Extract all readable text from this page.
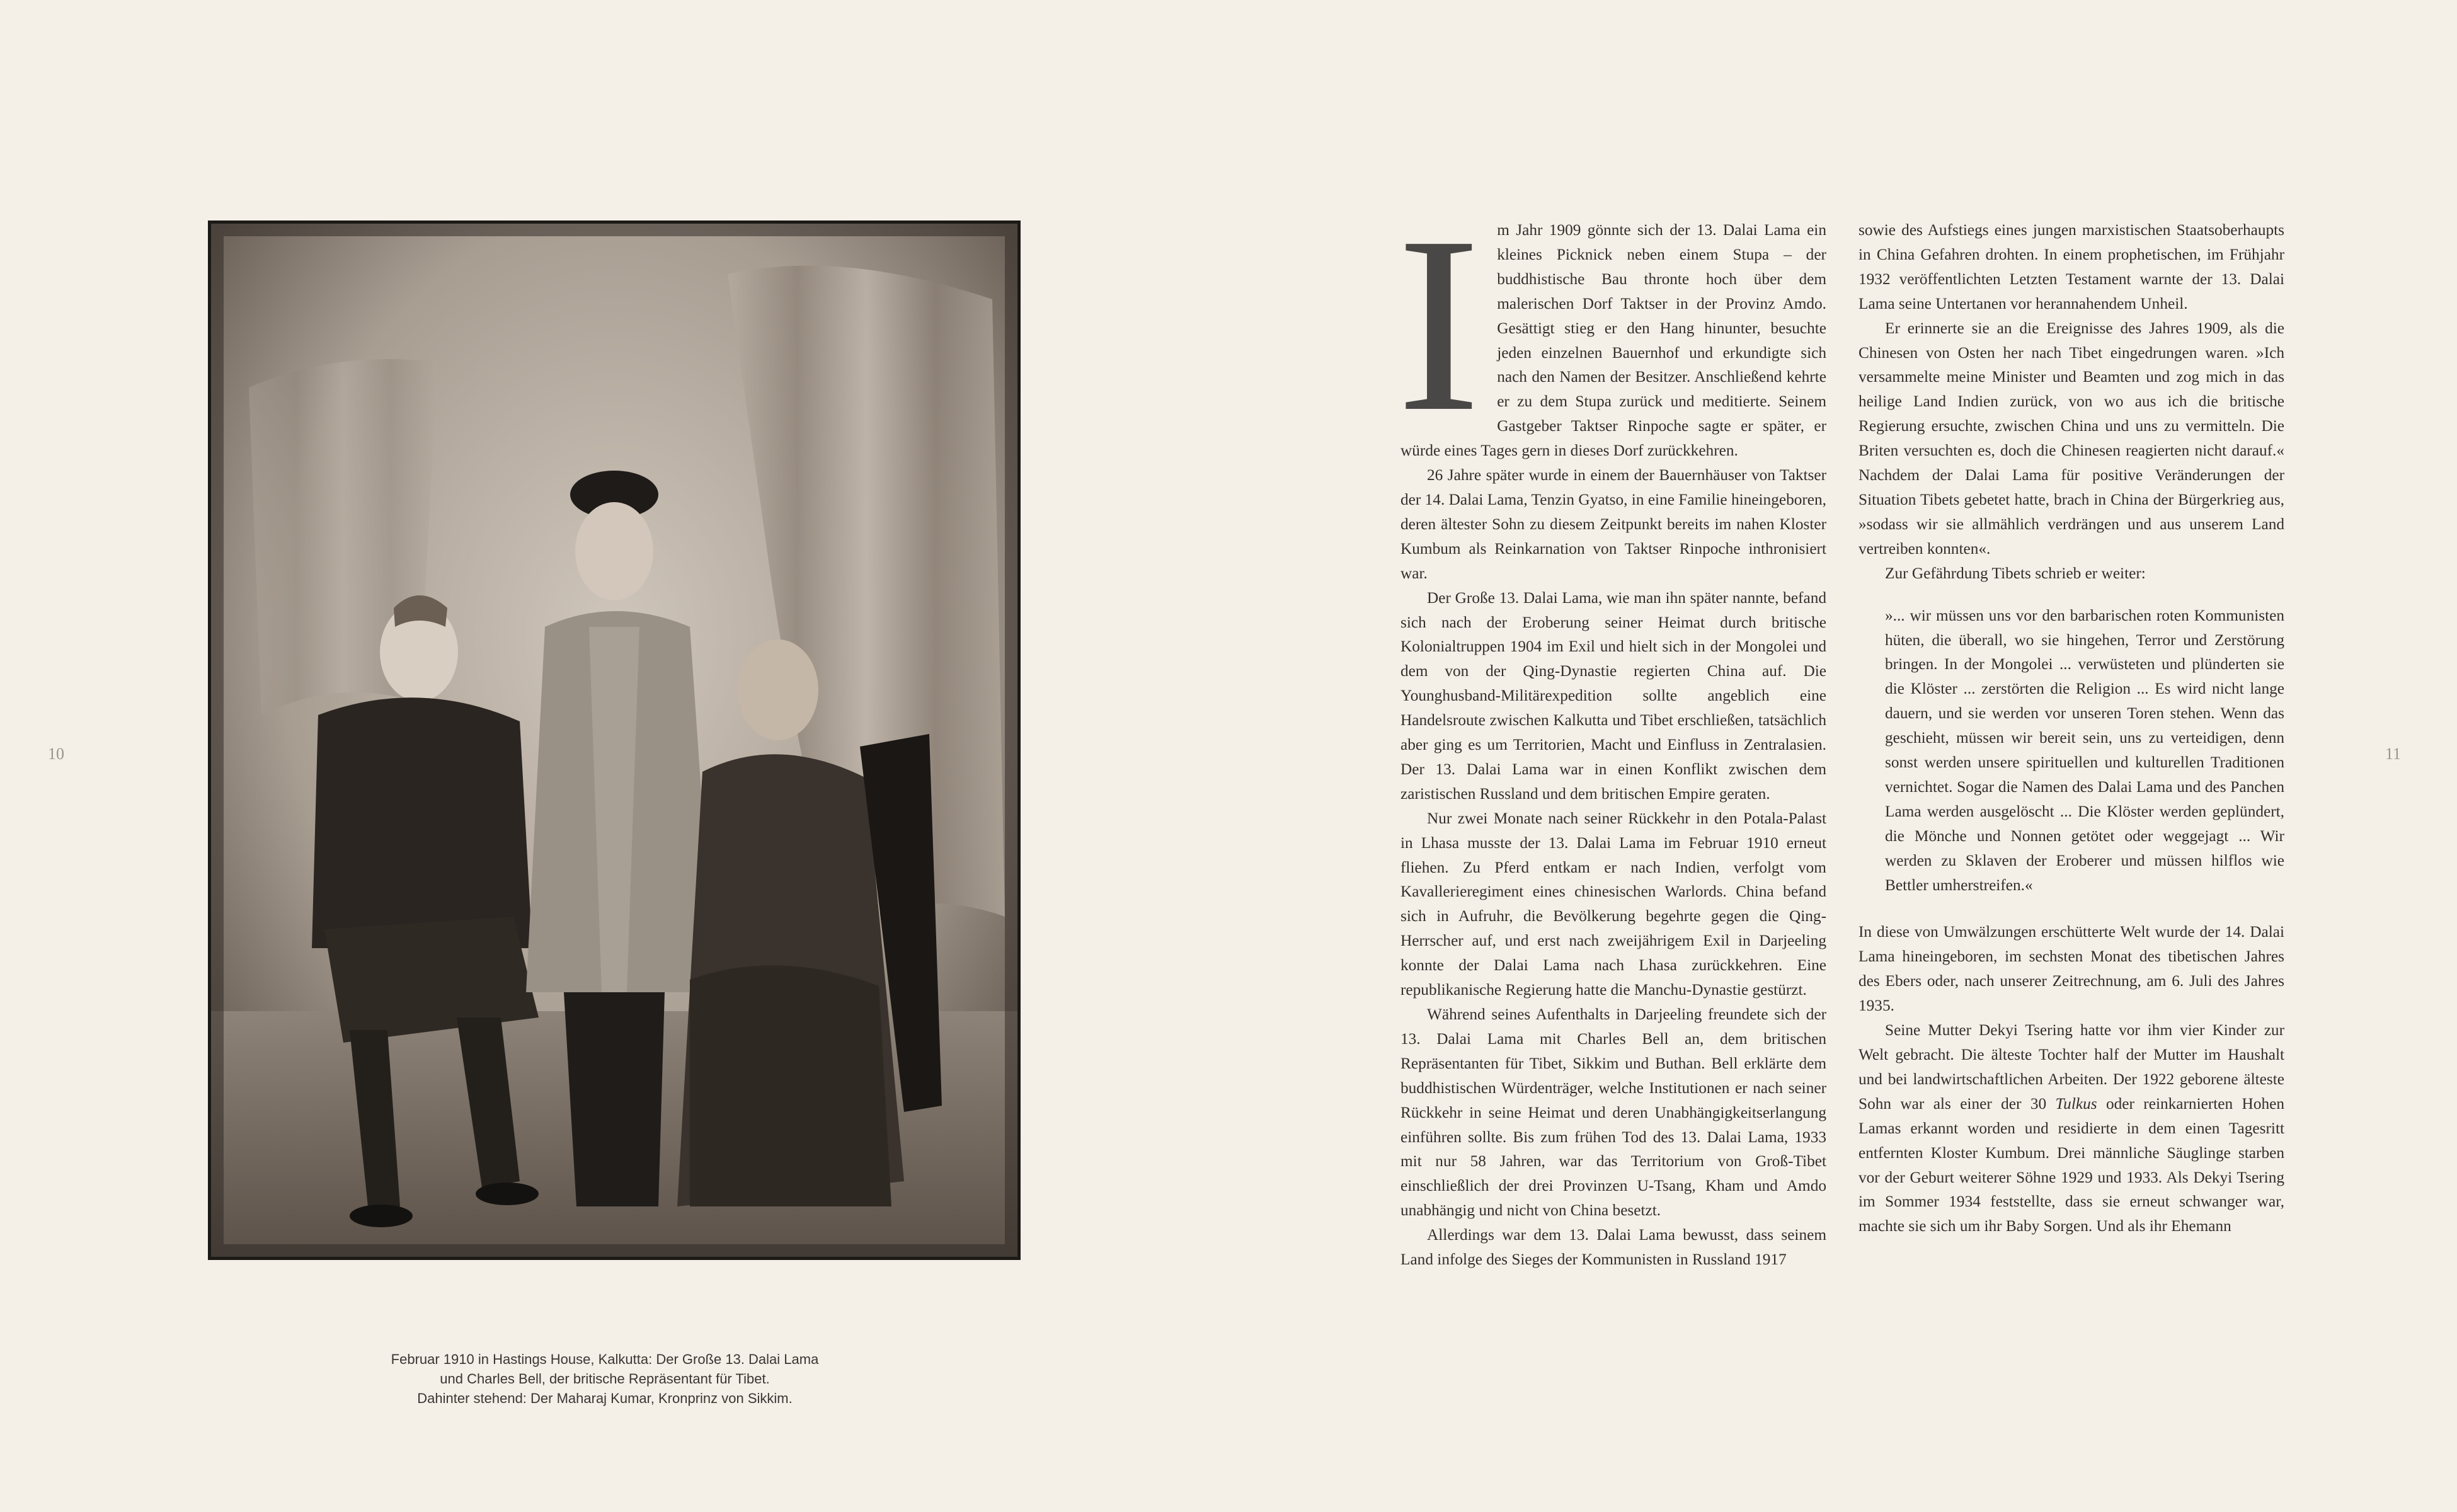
10	11
Februar 1910 in Hastings House, Kalkutta: Der Große 13. Dalai Lama
und Charles Bell, der britische Repräsentant für Tibet.
Dahinter stehend: Der Maharaj Kumar, Kronprinz von Sikkim.

I m Jahr 1909 gönnte sich der 13. Dalai Lama ein kleines Picknick neben einem Stupa – der buddhistische Bau thronte hoch über dem malerischen Dorf Taktser in der Provinz Amdo. Gesättigt stieg er den Hang hinunter, besuchte jeden einzelnen Bauernhof und erkundigte sich nach den Namen der Besitzer. Anschließend kehrte er zu dem Stupa zurück und meditierte. Seinem Gastgeber Taktser Rinpoche sagte er später, er würde eines Tages gern in dieses Dorf zurückkehren.

26 Jahre später wurde in einem der Bauernhäuser von Taktser der 14. Dalai Lama, Tenzin Gyatso, in eine Familie hineingeboren, deren ältester Sohn zu diesem Zeitpunkt bereits im nahen Kloster Kumbum als Reinkarnation von Taktser Rinpoche inthronisiert war.

Der Große 13. Dalai Lama, wie man ihn später nannte, befand sich nach der Eroberung seiner Heimat durch britische Kolonialtruppen 1904 im Exil und hielt sich in der Mongolei und dem von der Qing-Dynastie regierten China auf. Die Younghusband-Militärexpedition sollte angeblich eine Handelsroute zwischen Kalkutta und Tibet erschließen, tatsächlich aber ging es um Territorien, Macht und Einfluss in Zentralasien. Der 13. Dalai Lama war in einen Konflikt zwischen dem zaristischen Russland und dem britischen Empire geraten.

Nur zwei Monate nach seiner Rückkehr in den Potala-Palast in Lhasa musste der 13. Dalai Lama im Februar 1910 erneut fliehen. Zu Pferd entkam er nach Indien, verfolgt vom Kavallerieregiment eines chinesischen Warlords. China befand sich in Aufruhr, die Bevölkerung begehrte gegen die Qing-Herrscher auf, und erst nach zweijährigem Exil in Darjeeling konnte der Dalai Lama nach Lhasa zurückkehren. Eine republikanische Regierung hatte die Manchu-Dynastie gestürzt.

Während seines Aufenthalts in Darjeeling freundete sich der 13. Dalai Lama mit Charles Bell an, dem britischen Repräsentanten für Tibet, Sikkim und Buthan. Bell erklärte dem buddhistischen Würdenträger, welche Institutionen er nach seiner Rückkehr in seine Heimat und deren Unabhängigkeitserlangung einführen sollte. Bis zum frühen Tod des 13. Dalai Lama, 1933 mit nur 58 Jahren, war das Territorium von Groß-Tibet einschließlich der drei Provinzen U-Tsang, Kham und Amdo unabhängig und nicht von China besetzt.

Allerdings war dem 13. Dalai Lama bewusst, dass seinem Land infolge des Sieges der Kommunisten in Russland 1917

sowie des Aufstiegs eines jungen marxistischen Staatsoberhaupts in China Gefahren drohten. In einem prophetischen, im Frühjahr 1932 veröffentlichten Letzten Testament warnte der 13. Dalai Lama seine Untertanen vor herannahendem Unheil.

Er erinnerte sie an die Ereignisse des Jahres 1909, als die Chinesen von Osten her nach Tibet eingedrungen waren. »Ich versammelte meine Minister und Beamten und zog mich in das heilige Land Indien zurück, von wo aus ich die britische Regierung ersuchte, zwischen China und uns zu vermitteln. Die Briten versuchten es, doch die Chinesen reagierten nicht darauf.« Nachdem der Dalai Lama für positive Veränderungen der Situation Tibets gebetet hatte, brach in China der Bürgerkrieg aus, »sodass wir sie allmählich verdrängen und aus unserem Land vertreiben konnten«.

Zur Gefährdung Tibets schrieb er weiter:

»... wir müssen uns vor den barbarischen roten Kommunisten hüten, die überall, wo sie hingehen, Terror und Zerstörung bringen. In der Mongolei ... verwüsteten und plünderten sie die Klöster ... zerstörten die Religion ... Es wird nicht lange dauern, und sie werden vor unseren Toren stehen. Wenn das geschieht, müssen wir bereit sein, uns zu verteidigen, denn sonst werden unsere spirituellen und kulturellen Traditionen vernichtet. Sogar die Namen des Dalai Lama und des Panchen Lama werden ausgelöscht ... Die Klöster werden geplündert, die Mönche und Nonnen getötet oder weggejagt ... Wir werden zu Sklaven der Eroberer und müssen hilflos wie Bettler umherstreifen.«

In diese von Umwälzungen erschütterte Welt wurde der 14. Dalai Lama hineingeboren, im sechsten Monat des tibetischen Jahres des Ebers oder, nach unserer Zeitrechnung, am 6. Juli des Jahres 1935.

Seine Mutter Dekyi Tsering hatte vor ihm vier Kinder zur Welt gebracht. Die älteste Tochter half der Mutter im Haushalt und bei landwirtschaftlichen Arbeiten. Der 1922 geborene älteste Sohn war als einer der 30 Tulkus oder reinkarnierten Hohen Lamas erkannt worden und residierte in dem einen Tagesritt entfernten Kloster Kumbum. Drei männliche Säuglinge starben vor der Geburt weiterer Söhne 1929 und 1933. Als Dekyi Tsering im Sommer 1934 feststellte, dass sie erneut schwanger war, machte sie sich um ihr Baby Sorgen. Und als ihr Ehemann
